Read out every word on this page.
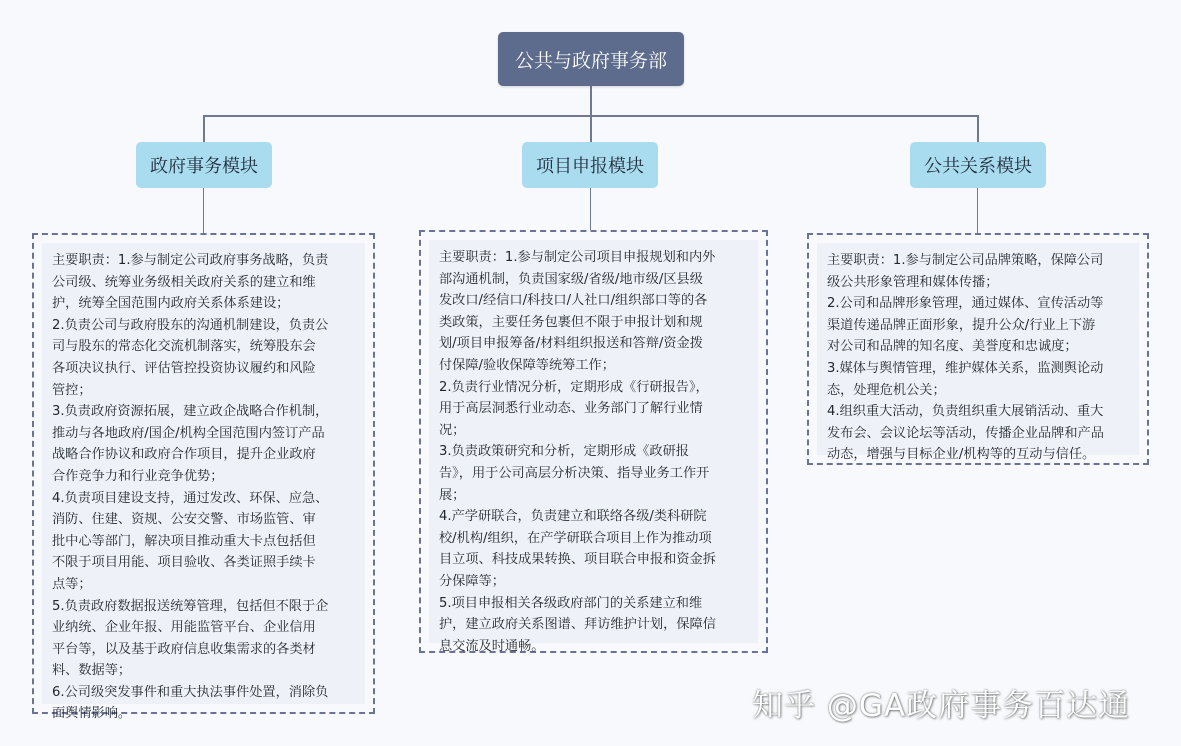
公共与政府事务部
政府事务模块	项目申报模块	公共关系模块

主要职责：1.参与制定公司政府事务战略，负责

公司级、统筹业务级相关政府关系的建立和维

护，统筹全国范围内政府关系体系建设；

2.负责公司与政府股东的沟通机制建设，负责公

司与股东的常态化交流机制落实，统筹股东会

各项决议执行、评估管控投资协议履约和风险

管控；

3.负责政府资源拓展，建立政企战略合作机制，

推动与各地政府/国企/机构全国范围内签订产品

战略合作协议和政府合作项目，提升企业政府

合作竞争力和行业竞争优势；

4.负责项目建设支持，通过发改、环保、应急、

消防、住建、资规、公安交警、市场监管、审

批中心等部门，解决项目推动重大卡点包括但

不限于项目用能、项目验收、各类证照手续卡

点等；

5.负责政府数据报送统筹管理，包括但不限于企

业纳统、企业年报、用能监管平台、企业信用

平台等，以及基于政府信息收集需求的各类材

料、数据等；

6.公司级突发事件和重大执法事件处置，消除负

面舆情影响。

主要职责：1.参与制定公司项目申报规划和内外

部沟通机制，负责国家级/省级/地市级/区县级

发改口/经信口/科技口/人社口/组织部口等的各

类政策，主要任务包裹但不限于申报计划和规

划/项目申报筹备/材料组织报送和答辩/资金拨

付保障/验收保障等统筹工作；

2.负责行业情况分析，定期形成《行研报告》，

用于高层洞悉行业动态、业务部门了解行业情

况；

3.负责政策研究和分析，定期形成《政研报

告》，用于公司高层分析决策、指导业务工作开

展；

4.产学研联合，负责建立和联络各级/类科研院

校/机构/组织，在产学研联合项目上作为推动项

目立项、科技成果转换、项目联合申报和资金拆

分保障等；

5.项目申报相关各级政府部门的关系建立和维

护，建立政府关系图谱、拜访维护计划，保障信

息交流及时通畅。

主要职责：1.参与制定公司品牌策略，保障公司

级公共形象管理和媒体传播；

2.公司和品牌形象管理，通过媒体、宣传活动等

渠道传递品牌正面形象，提升公众/行业上下游

对公司和品牌的知名度、美誉度和忠诚度；

3.媒体与舆情管理，维护媒体关系，监测舆论动

态，处理危机公关；

4.组织重大活动，负责组织重大展销活动、重大

发布会、会议论坛等活动，传播企业品牌和产品

动态，增强与目标企业/机构等的互动与信任。

知乎 @GA政府事务百达通
